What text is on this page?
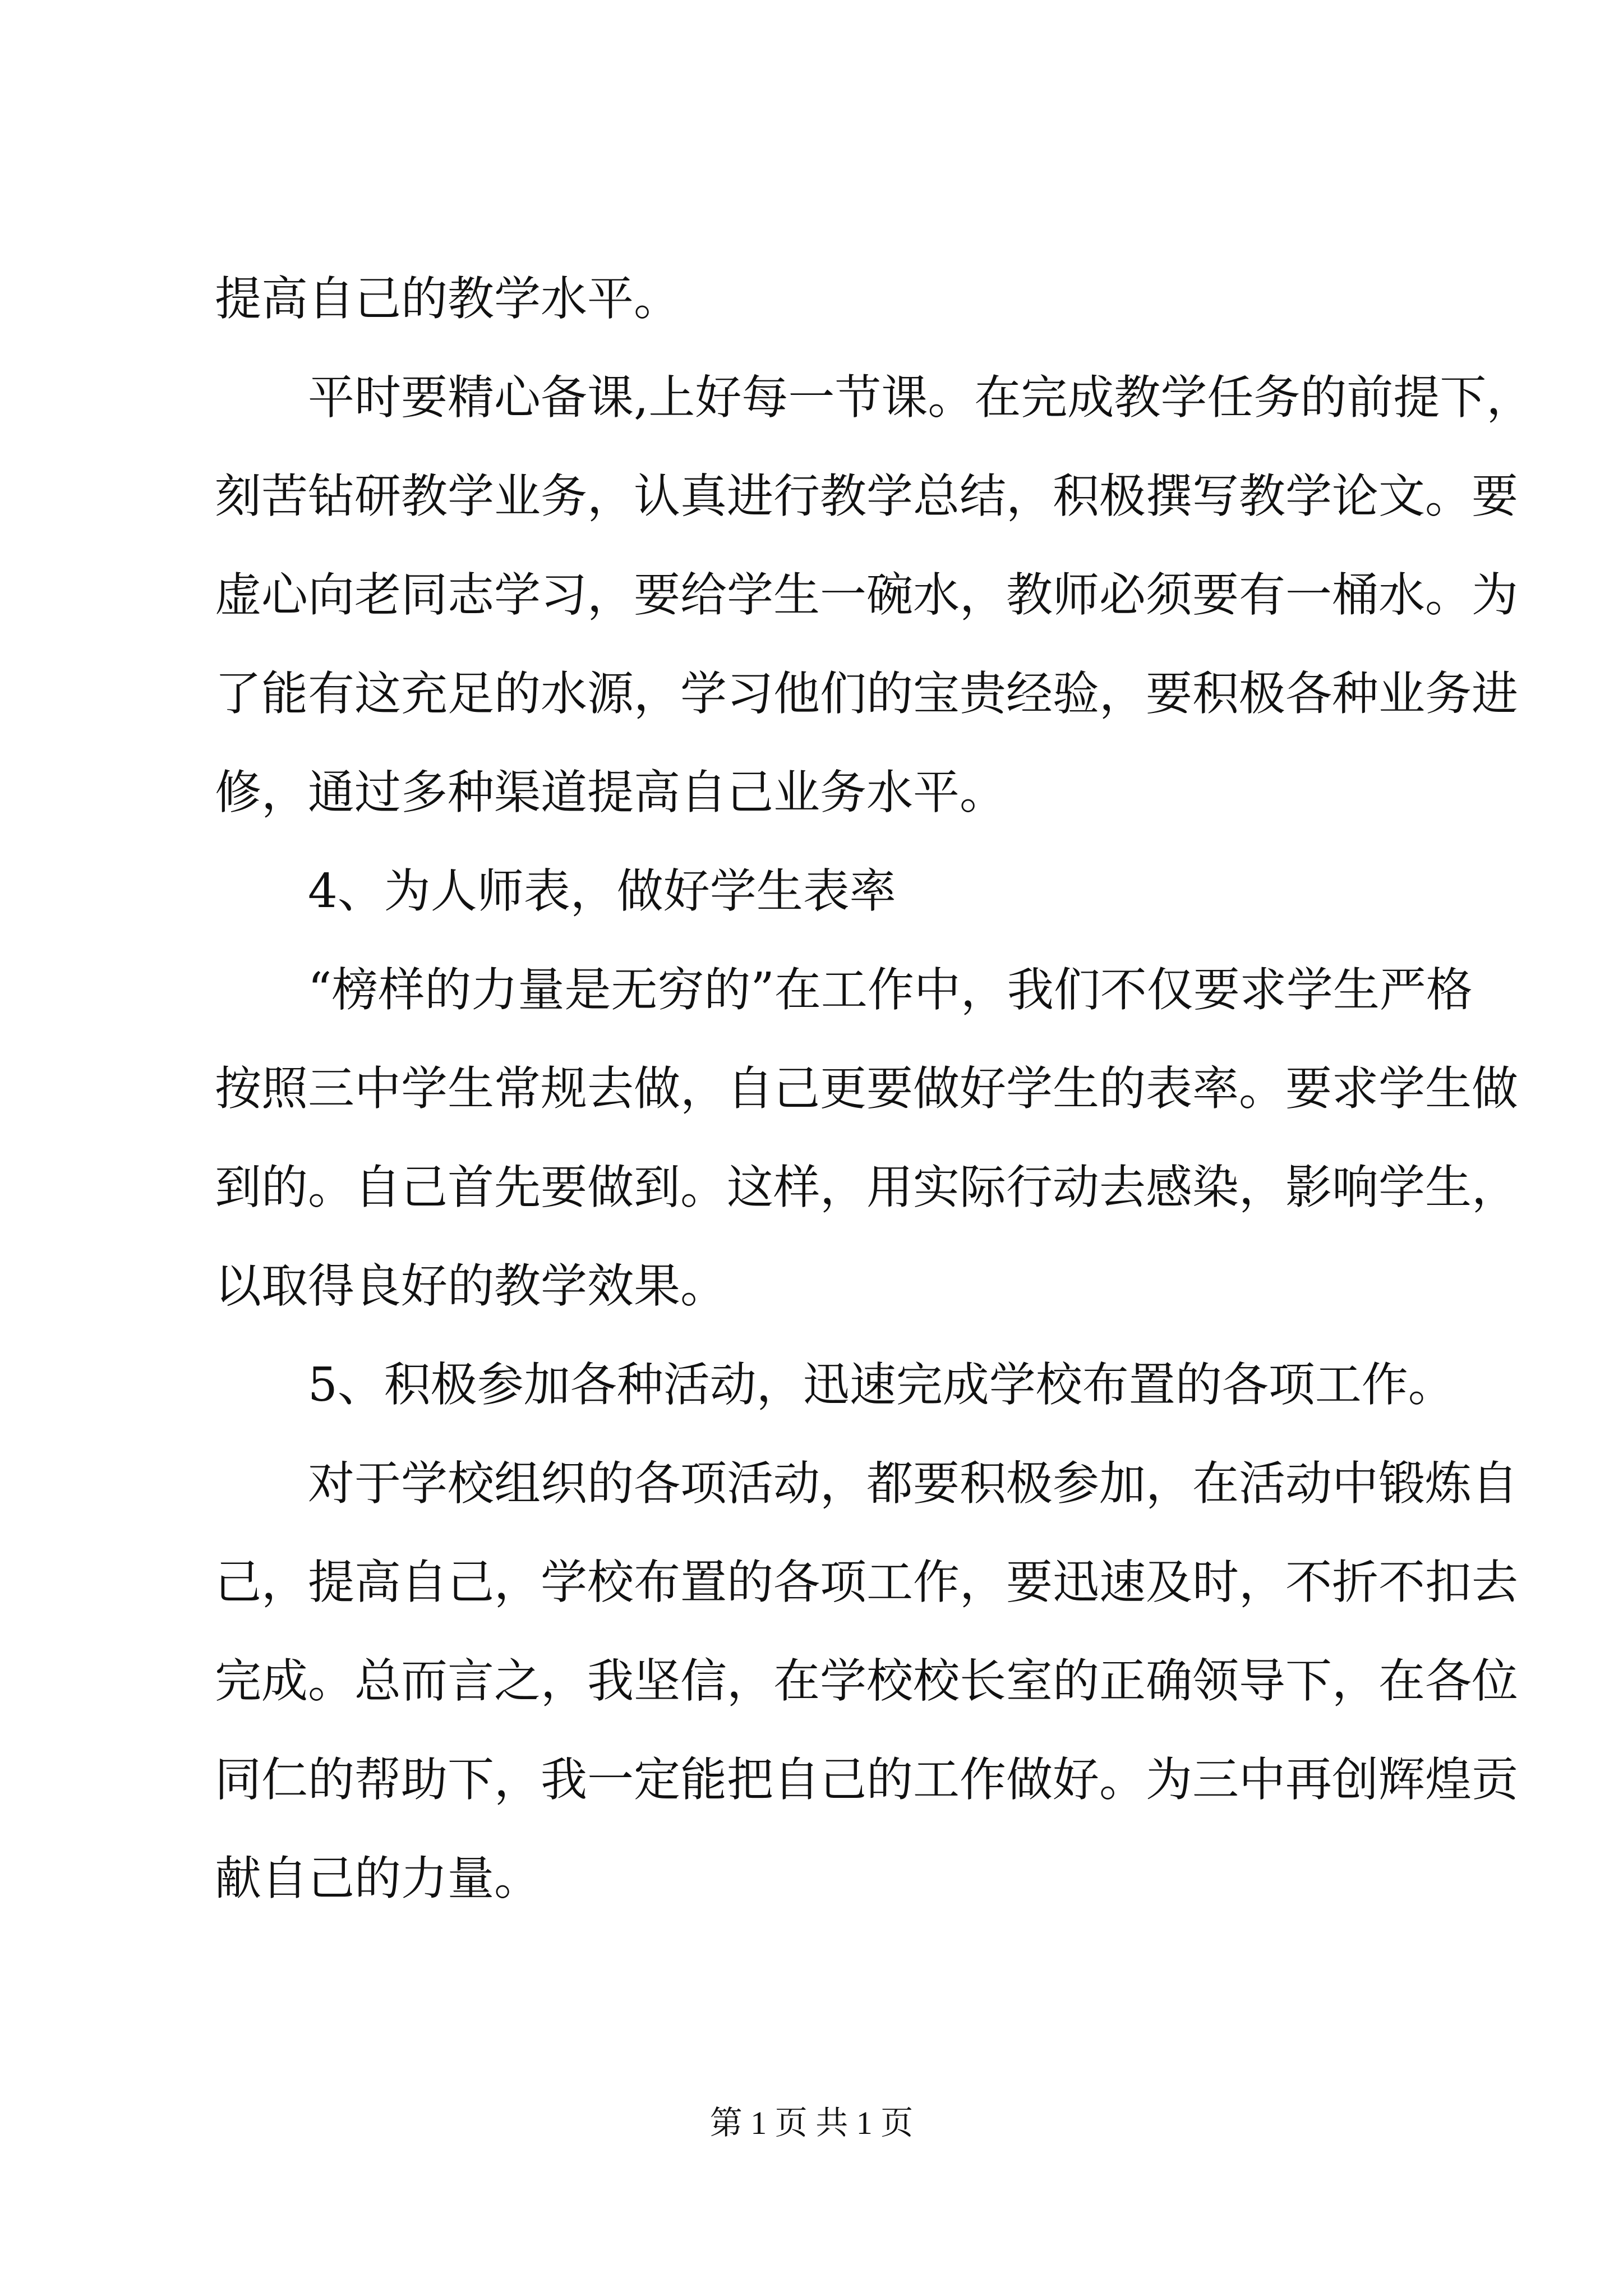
提高自己的教学水平。
平时要精心备课,上好每一节课。在完成教学任务的前提下，
刻苦钻研教学业务，认真进行教学总结，积极撰写教学论文。要
虚心向老同志学习，要给学生一碗水，教师必须要有一桶水。为
了能有这充足的水源，学习他们的宝贵经验，要积极各种业务进
修，通过多种渠道提高自己业务水平。
4、为人师表，做好学生表率
“榜样的力量是无穷的”在工作中，我们不仅要求学生严格
按照三中学生常规去做，自己更要做好学生的表率。要求学生做
到的。自己首先要做到。这样，用实际行动去感染，影响学生，
以取得良好的教学效果。
5、积极参加各种活动，迅速完成学校布置的各项工作。
对于学校组织的各项活动，都要积极参加，在活动中锻炼自
己，提高自己，学校布置的各项工作，要迅速及时，不折不扣去
完成。总而言之，我坚信，在学校校长室的正确领导下，在各位
同仁的帮助下，我一定能把自己的工作做好。为三中再创辉煌贡
献自己的力量。
第 1 页 共 1 页
